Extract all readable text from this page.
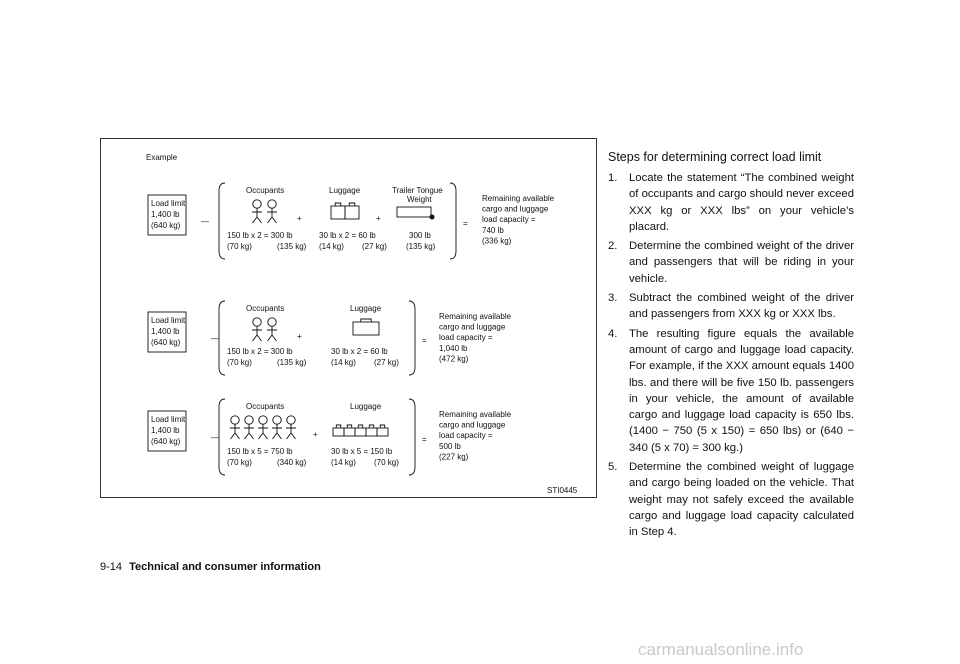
Example
Load limit
1,400 lb
(640 kg)	—
Occupants
150 lb x 2 = 300 lb
(70 kg)	(135 kg)
+
Luggage
30 lb x 2 = 60 lb
(14 kg) (27 kg)
+
Trailer Tongue
Weight
300 lb
(135 kg)
=
Remaining available
cargo and luggage
load capacity =
740 lb
(336 kg)
Load limit
1,400 lb
(640 kg)	—
Occupants
150 lb x 2 = 300 lb
(70 kg)	(135 kg)
+
Luggage
30 lb x 2 = 60 lb
(14 kg) (27 kg)
=
Remaining available
cargo and luggage
load capacity =
1,040 lb
(472 kg)
Load limit
1,400 lb
(640 kg)	—
Occupants
150 lb x 5 = 750 lb
(70 kg)	(340 kg)
+
Luggage
30 lb x 5 = 150 lb
(14 kg) (70 kg)
=
Remaining available
cargo and luggage
load capacity =
500 lb
(227 kg)
STI0445
Steps for determining correct load limit
1. Locate the statement “The combined weight of occupants and cargo should never exceed XXX kg or XXX lbs” on your vehicle’s placard.
2. Determine the combined weight of the driver and passengers that will be riding in your vehicle.
3. Subtract the combined weight of the driver and passengers from XXX kg or XXX lbs.
4. The resulting figure equals the available amount of cargo and luggage load capacity. For example, if the XXX amount equals 1400 lbs. and there will be five 150 lb. passengers in your vehicle, the amount of available cargo and luggage load capacity is 650 lbs. (1400 − 750 (5 x 150) = 650 lbs) or (640 − 340 (5 x 70) = 300 kg.)
5. Determine the combined weight of luggage and cargo being loaded on the vehicle. That weight may not safely exceed the available cargo and luggage load capacity calculated in Step 4.
9-14 Technical and consumer information
carmanualsonline.info
